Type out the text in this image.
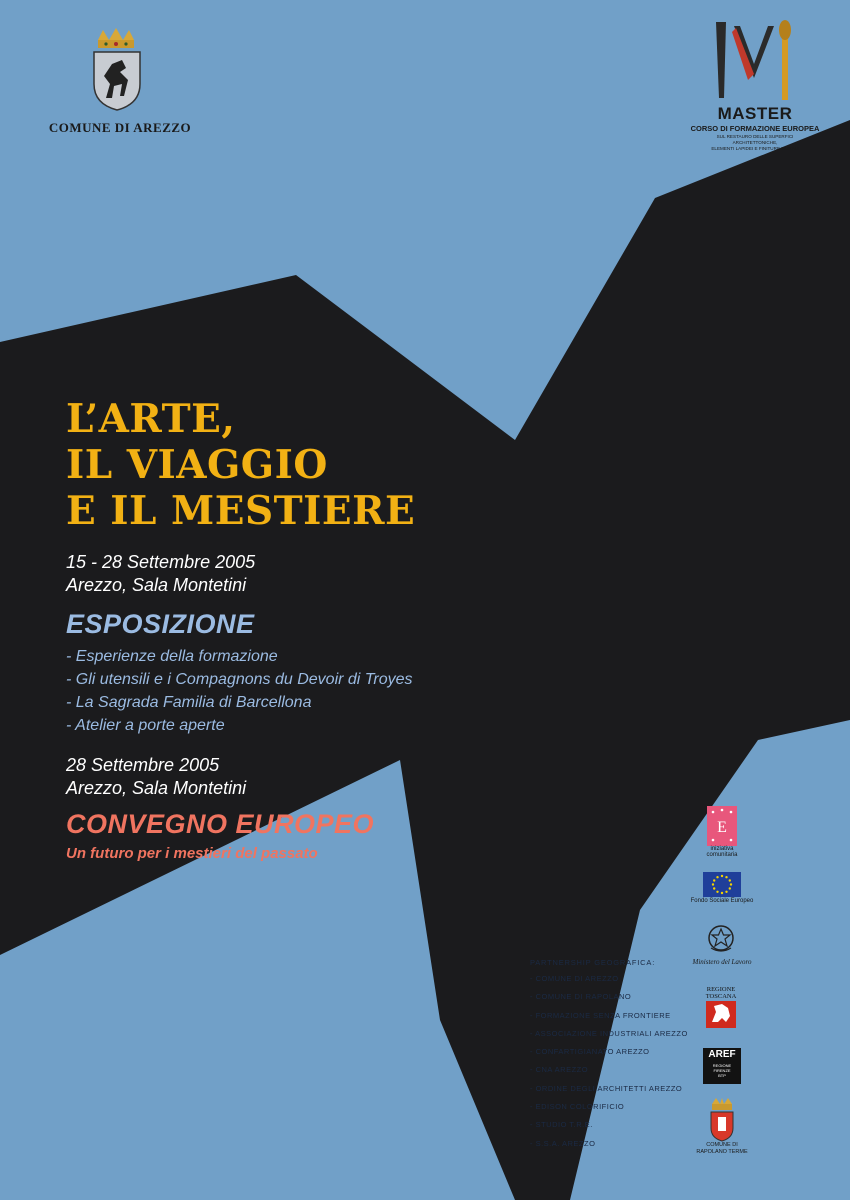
COMUNE DI AREZZO
MASTER
CORSO DI FORMAZIONE EUROPEA
SUL RESTAURO DELLE SUPERFICI ARCHITETTONICHE,
ELEMENTI LAPIDEI E FINITURE MURALI
L’ARTE,
IL VIAGGIO
E IL MESTIERE
15 - 28 Settembre 2005
Arezzo, Sala Montetini
ESPOSIZIONE
- Esperienze della formazione
- Gli utensili e i Compagnons du Devoir di Troyes
- La Sagrada Familia di Barcellona
- Atelier a porte aperte
28 Settembre 2005
Arezzo, Sala Montetini
CONVEGNO EUROPEO
Un futuro per i mestieri del passato
PARTNERSHIP GEOGRAFICA:
- COMUNE DI AREZZO
- COMUNE DI RAPOLANO
- FORMAZIONE SENZA FRONTIERE
- ASSOCIAZIONE INDUSTRIALI AREZZO
- CONFARTIGIANATO AREZZO
- CNA AREZZO
- ORDINE DEGLI ARCHITETTI AREZZO
- EDISON COLORIFICIO
- STUDIO T.R.E.
- S.S.A. AREZZO
E
iniziativa
comunitaria
Fondo Sociale Europeo
Ministero del Lavoro
REGIONE
TOSCANA
AREF
REGIONE
FIRENZE
BTP
COMUNE DI
RAPOLANO TERME
